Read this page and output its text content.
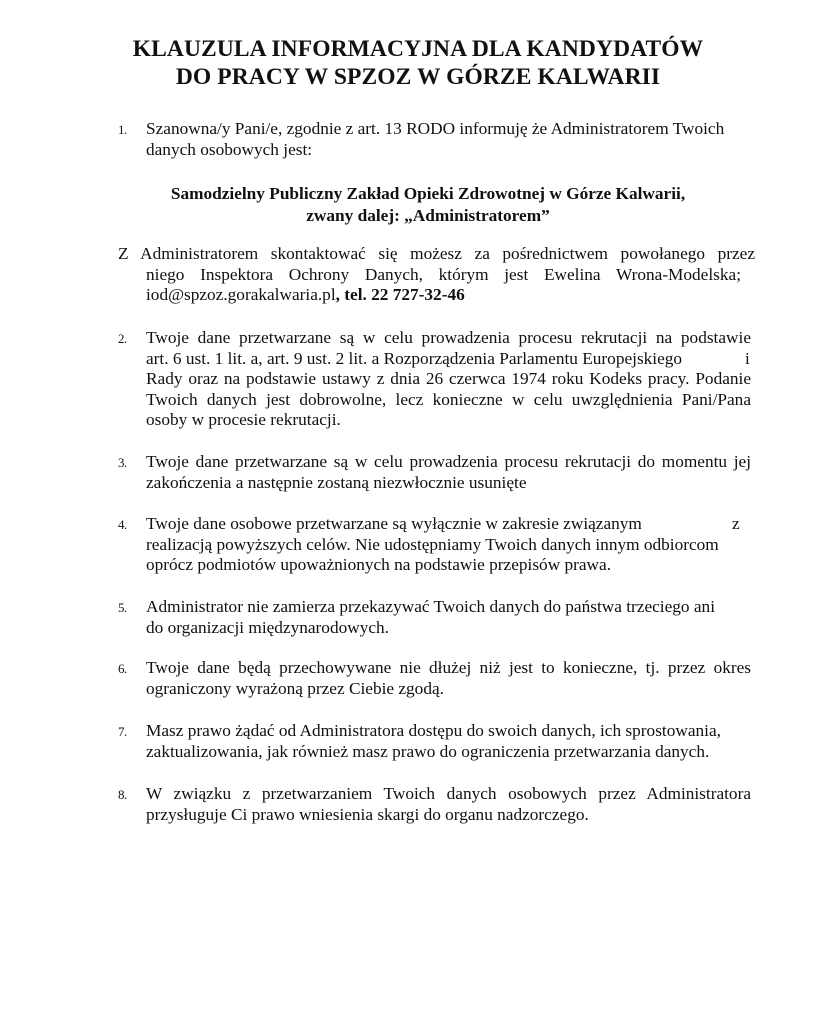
KLAUZULA INFORMACYJNA DLA KANDYDATÓW
DO PRACY W SPZOZ W GÓRZE KALWARII
1. Szanowna/y Pani/e, zgodnie z art. 13 RODO informuję że Administratorem Twoich
danych osobowych jest:
Samodzielny Publiczny Zakład Opieki Zdrowotnej w Górze Kalwarii,
zwany dalej: „Administratorem”
Z Administratorem skontaktować się możesz za pośrednictwem powołanego przez
niego Inspektora Ochrony Danych, którym jest Ewelina Wrona-Modelska;
iod@spzoz.gorakalwaria.pl, tel. 22 727-32-46
2. Twoje dane przetwarzane są w celu prowadzenia procesu rekrutacji na podstawie
art. 6 ust. 1 lit. a, art. 9 ust. 2 lit. a Rozporządzenia Parlamentu Europejskiego	i
Rady oraz na podstawie ustawy z dnia 26 czerwca 1974 roku Kodeks pracy. Podanie
Twoich danych jest dobrowolne, lecz konieczne w celu uwzględnienia Pani/Pana
osoby w procesie rekrutacji.
3. Twoje dane przetwarzane są w celu prowadzenia procesu rekrutacji do momentu jej
zakończenia a następnie zostaną niezwłocznie usunięte
4. Twoje dane osobowe przetwarzane są wyłącznie w zakresie związanym	z
realizacją powyższych celów. Nie udostępniamy Twoich danych innym odbiorcom
oprócz podmiotów upoważnionych na podstawie przepisów prawa.
5. Administrator nie zamierza przekazywać Twoich danych do państwa trzeciego ani
do organizacji międzynarodowych.
6. Twoje dane będą przechowywane nie dłużej niż jest to konieczne, tj. przez okres
ograniczony wyrażoną przez Ciebie zgodą.
7. Masz prawo żądać od Administratora dostępu do swoich danych, ich sprostowania,
zaktualizowania, jak również masz prawo do ograniczenia przetwarzania danych.
8. W związku z przetwarzaniem Twoich danych osobowych przez Administratora
przysługuje Ci prawo wniesienia skargi do organu nadzorczego.
